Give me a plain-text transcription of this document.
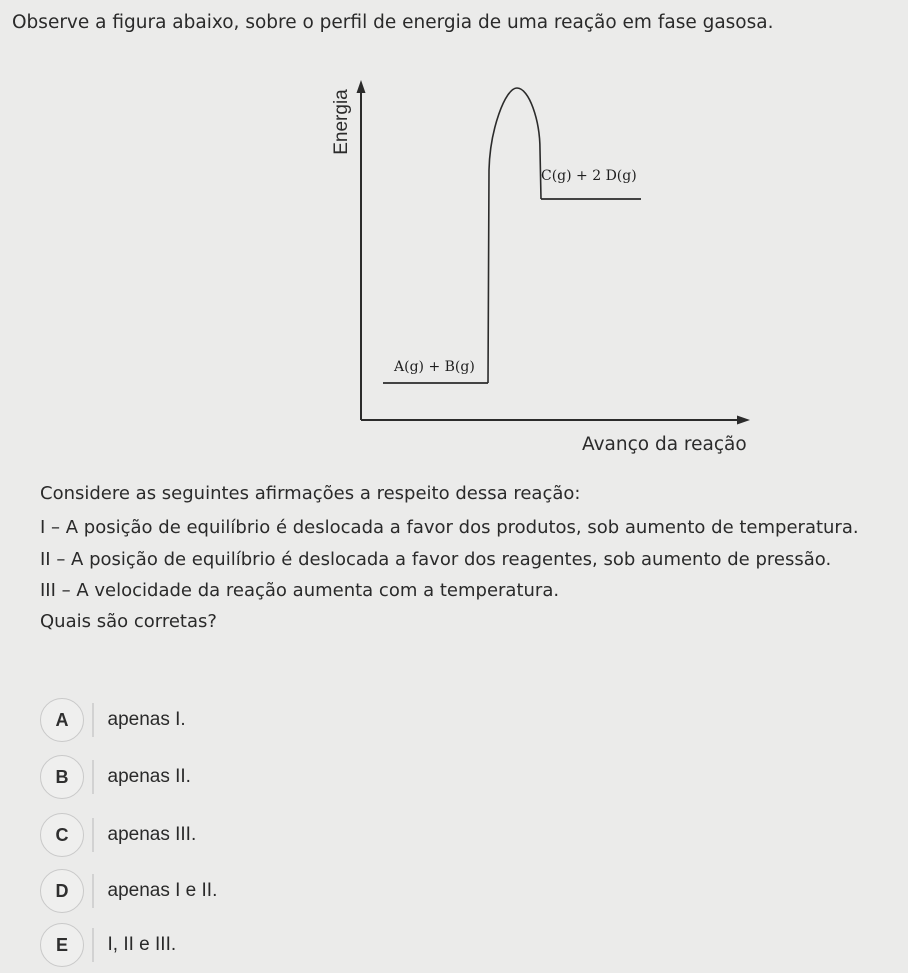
Observe a figura abaixo, sobre o perfil de energia de uma reação em fase gasosa.
Energia
A(g) + B(g)
C(g) + 2 D(g)
Avanço da reação
Considere as seguintes afirmações a respeito dessa reação:
I – A posição de equilíbrio é deslocada a favor dos produtos, sob aumento de temperatura.
II – A posição de equilíbrio é deslocada a favor dos reagentes, sob aumento de pressão.
III – A velocidade da reação aumenta com a temperatura.
Quais são corretas?
A	apenas I.
B	apenas II.
C	apenas III.
D	apenas I e II.
E	I, II e III.
